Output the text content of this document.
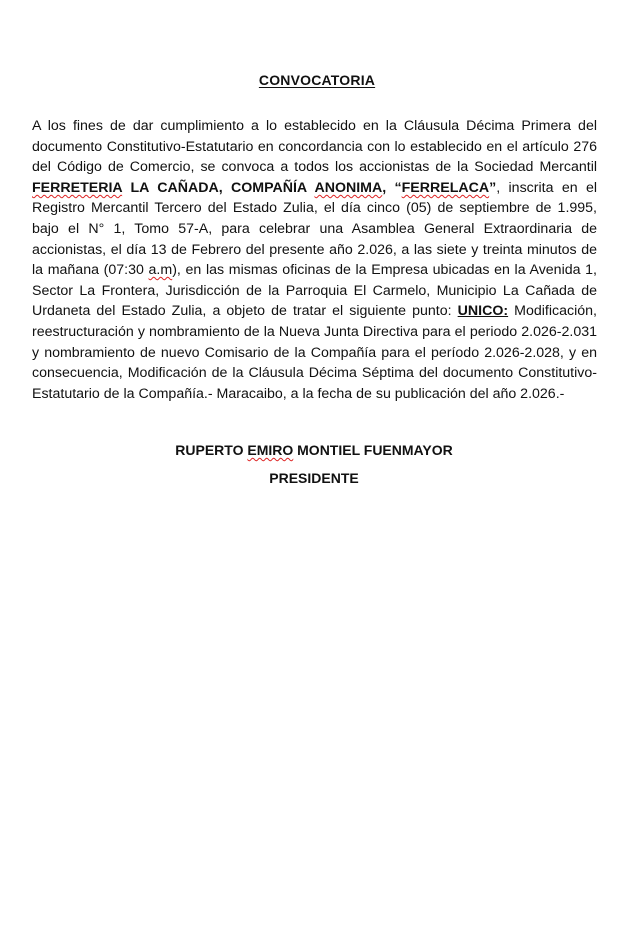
CONVOCATORIA

A los fines de dar cumplimiento a lo establecido en la Cláusula Décima Primera del documento Constitutivo-Estatutario en concordancia con lo establecido en el artículo 276 del Código de Comercio, se convoca a todos los accionistas de la Sociedad Mercantil FERRETERIA LA CAÑADA, COMPAÑÍA ANONIMA, “FERRELACA”, inscrita en el Registro Mercantil Tercero del Estado Zulia, el día cinco (05) de septiembre de 1.995, bajo el N° 1, Tomo 57-A, para celebrar una Asamblea General Extraordinaria de accionistas, el día 13 de Febrero del presente año 2.026, a las siete y treinta minutos de la mañana (07:30 a.m), en las mismas oficinas de la Empresa ubicadas en la Avenida 1, Sector La Frontera, Jurisdicción de la Parroquia El Carmelo, Municipio La Cañada de Urdaneta del Estado Zulia, a objeto de tratar el siguiente punto: UNICO: Modificación, reestructuración y nombramiento de la Nueva Junta Directiva para el periodo 2.026-2.031 y nombramiento de nuevo Comisario de la Compañía para el período 2.026-2.028, y en consecuencia, Modificación de la Cláusula Décima Séptima del documento Constitutivo-Estatutario de la Compañía.- Maracaibo, a la fecha de su publicación del año 2.026.-

RUPERTO EMIRO MONTIEL FUENMAYOR
PRESIDENTE
